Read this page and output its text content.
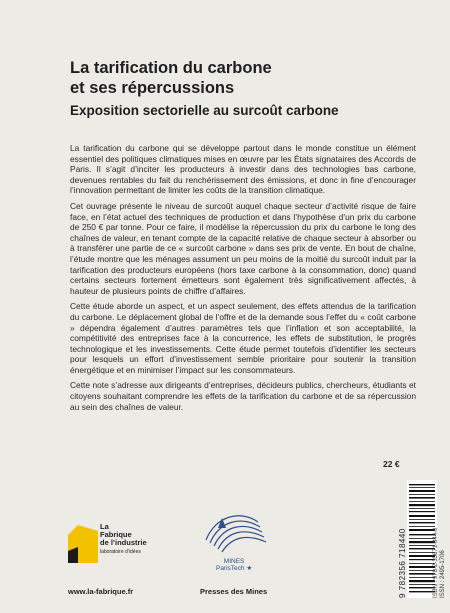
La tarification du carbone
et ses répercussions
Exposition sectorielle au surcoût carbone

La tarification du carbone qui se développe partout dans le monde constitue un élément essentiel des politiques climatiques mises en œuvre par les États signataires des Accords de Paris. Il s’agit d’inciter les producteurs à investir dans des technologies bas carbone, devenues rentables du fait du renchérissement des émissions, et donc in fine d’encourager l’innovation permettant de limiter les coûts de la transition climatique.

Cet ouvrage présente le niveau de surcoût auquel chaque secteur d’activité risque de faire face, en l’état actuel des techniques de production et dans l’hypothèse d’un prix du carbone de 250 € par tonne. Pour ce faire, il modélise la répercussion du prix du carbone le long des chaînes de valeur, en tenant compte de la capacité relative de chaque secteur à absorber ou à transférer une partie de ce « surcoût carbone » dans ses prix de vente. En bout de chaîne, l’étude montre que les ménages assument un peu moins de la moitié du surcoût induit par la tarification des producteurs européens (hors taxe carbone à la consommation, donc) quand certains secteurs fortement émetteurs sont également très significativement affectés, à hauteur de plusieurs points de chiffre d’affaires.

Cette étude aborde un aspect, et un aspect seulement, des effets attendus de la tarification du carbone. Le déplacement global de l’offre et de la demande sous l’effet du « coût carbone » dépendra également d’autres paramètres tels que l’inflation et son acceptabilité, la compétitivité des entreprises face à la concurrence, les effets de substitution, le progrès technologique et les investissements. Cette étude permet toutefois d’identifier les secteurs pour lesquels un effort d’investissement semble prioritaire pour soutenir la transition énergétique et en minimiser l’impact sur les consommateurs.

Cette note s’adresse aux dirigeants d’entreprises, décideurs publics, chercheurs, étudiants et citoyens souhaitant comprendre les effets de la tarification du carbone et de sa répercussion au sein des chaînes de valeur.

22 €
La
Fabrique
de l’industrie
laboratoire d’idées
www.la-fabrique.fr
MINES
ParisTech ★
Presses des Mines	9 782356 718440	ISBN : 978-2-35671-844-0
ISSN : 2495-1706
